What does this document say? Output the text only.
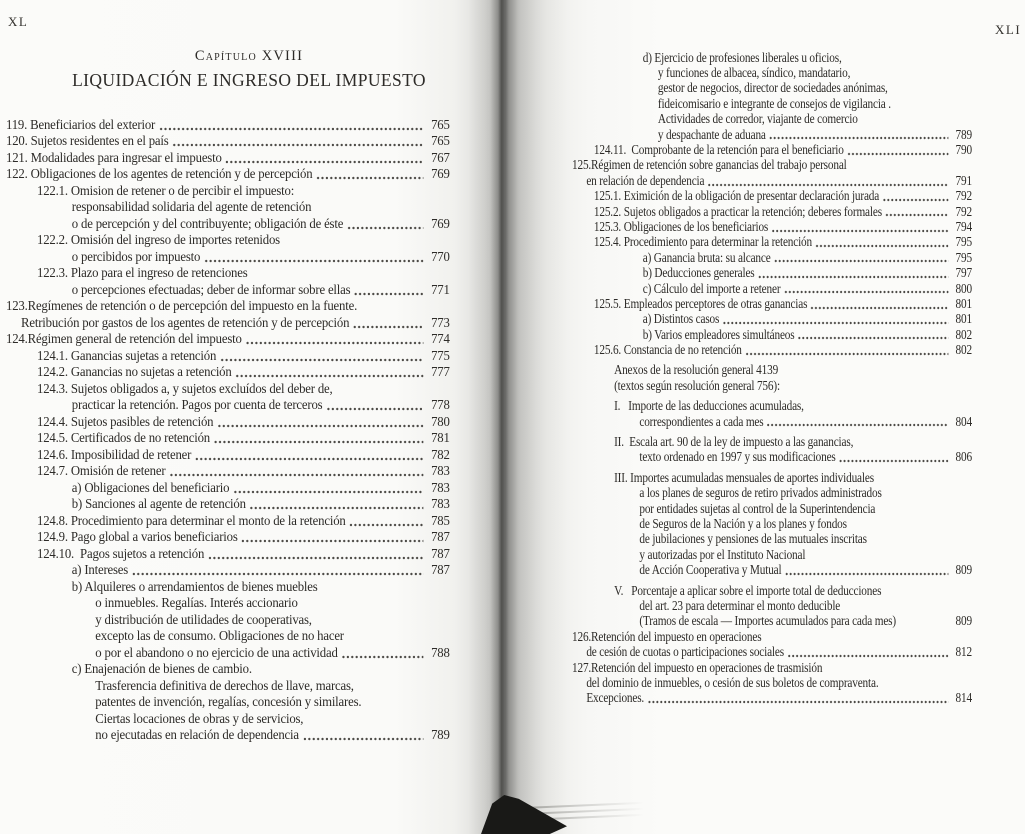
XL
XLI
Capítulo XVIII
LIQUIDACIÓN E INGRESO DEL IMPUESTO
119. Beneficiarios del exterior	765
120. Sujetos residentes en el país	765
121. Modalidades para ingresar el impuesto	767
122. Obligaciones de los agentes de retención y de percepción	769
122.1. Omision de retener o de percibir el impuesto:
responsabilidad solidaria del agente de retención
o de percepción y del contribuyente; obligación de éste	769
122.2. Omisión del ingreso de importes retenidos
o percibidos por impuesto	770
122.3. Plazo para el ingreso de retenciones
o percepciones efectuadas; deber de informar sobre ellas	771
123.Regímenes de retención o de percepción del impuesto en la fuente.
Retribución por gastos de los agentes de retención y de percepción	773
124.Régimen general de retención del impuesto	774
124.1. Ganancias sujetas a retención	775
124.2. Ganancias no sujetas a retención	777
124.3. Sujetos obligados a, y sujetos excluídos del deber de,
practicar la retención. Pagos por cuenta de terceros	778
124.4. Sujetos pasibles de retención	780
124.5. Certificados de no retención	781
124.6. Imposibilidad de retener	782
124.7. Omisión de retener	783
a) Obligaciones del beneficiario	783
b) Sanciones al agente de retención	783
124.8. Procedimiento para determinar el monto de la retención	785
124.9. Pago global a varios beneficiarios	787
124.10.  Pagos sujetos a retención	787
a) Intereses	787
b) Alquileres o arrendamientos de bienes muebles
o inmuebles. Regalías. Interés accionario
y distribución de utilidades de cooperativas,
excepto las de consumo. Obligaciones de no hacer
o por el abandono o no ejercicio de una actividad	788
c) Enajenación de bienes de cambio.
Trasferencia definitiva de derechos de llave, marcas,
patentes de invención, regalías, concesión y similares.
Ciertas locaciones de obras y de servicios,
no ejecutadas en relación de dependencia	789
d) Ejercicio de profesiones liberales u oficios,
y funciones de albacea, síndico, mandatario,
gestor de negocios, director de sociedades anónimas,
fideicomisario e integrante de consejos de vigilancia .
Actividades de corredor, viajante de comercio
y despachante de aduana	789
124.11.  Comprobante de la retención para el beneficiario	790
125.Régimen de retención sobre ganancias del trabajo personal
en relación de dependencia	791
125.1. Eximición de la obligación de presentar declaración jurada	792
125.2. Sujetos obligados a practicar la retención; deberes formales	792
125.3. Obligaciones de los beneficiarios	794
125.4. Procedimiento para determinar la retención	795
a) Ganancia bruta: su alcance	795
b) Deducciones generales	797
c) Cálculo del importe a retener	800
125.5. Empleados perceptores de otras ganancias	801
a) Distintos casos	801
b) Varios empleadores simultáneos	802
125.6. Constancia de no retención	802
Anexos de la resolución general 4139
(textos según resolución general 756):
I.   Importe de las deducciones acumuladas,
correspondientes a cada mes	804
II.  Escala art. 90 de la ley de impuesto a las ganancias,
texto ordenado en 1997 y sus modificaciones	806
III. Importes acumuladas mensuales de aportes individuales
a los planes de seguros de retiro privados administrados
por entidades sujetas al control de la Superintendencia
de Seguros de la Nación y a los planes y fondos
de jubilaciones y pensiones de las mutuales inscritas
y autorizadas por el Instituto Nacional
de Acción Cooperativa y Mutual	809
V.   Porcentaje a aplicar sobre el importe total de deducciones
del art. 23 para determinar el monto deducible
(Tramos de escala — Importes acumulados para cada mes)	809
126.Retención del impuesto en operaciones
de cesión de cuotas o participaciones sociales	812
127.Retención del impuesto en operaciones de trasmisión
del dominio de inmuebles, o cesión de sus boletos de compraventa.
Excepciones.	814
